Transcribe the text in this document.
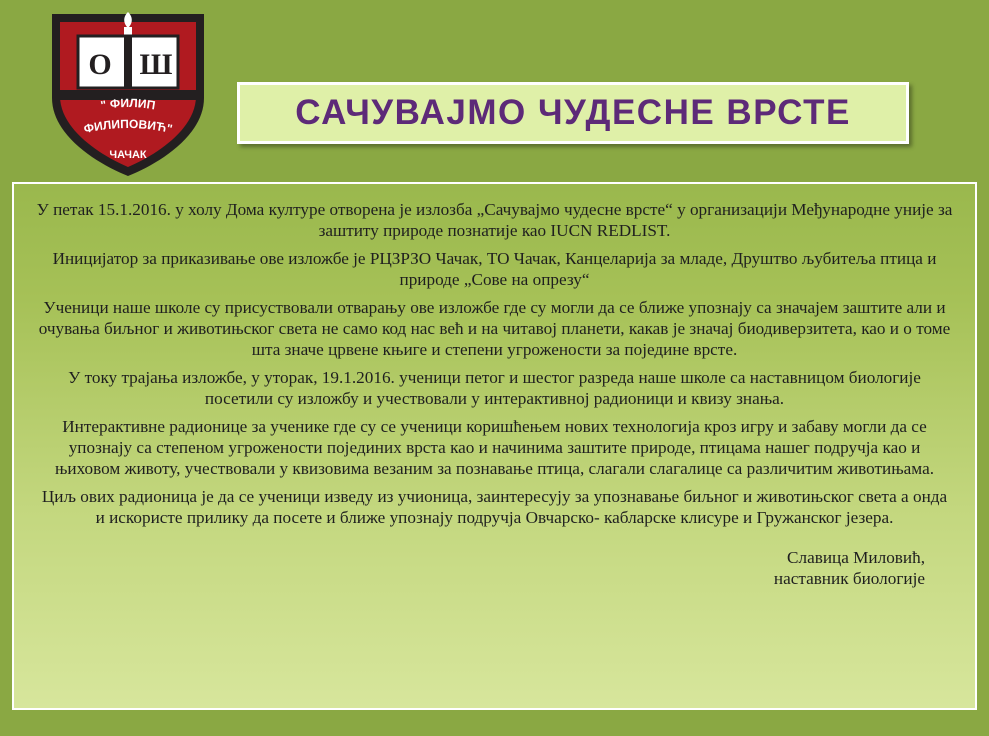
О Ш
" ФИЛИП
ФИЛИПОВИЋ"
ЧАЧАК
САЧУВАЈМО ЧУДЕСНЕ ВРСТЕ

У петак 15.1.2016. у холу Дома културе отворена је излозба „Сачувајмо чудесне врсте“ у организацији Међународне уније за заштиту природе познатије као IUCN REDLIST.

Иницијатор за приказивање ове изложбе је РЦЗРЗО Чачак, ТО Чачак, Канцеларија за младе, Друштво љубитеља птица и природе „Сове на опрезу“

Ученици наше школе су присуствовали отварању ове изложбе где су могли да се ближе упознају са значајем заштите али и очувања биљног и животињског света не само код нас већ и на читавој планети, какав је значај биодиверзитета, као и о томе шта значе црвене књиге и степени угрожености за поједине врсте.

У току трајања изложбе, у уторак, 19.1.2016. ученици петог и шестог разреда наше школе са наставницом биологије посетили су изложбу и учествовали у интерактивној радионици и квизу знања.

Интерактивне радионице за ученике где су се ученици коришћењем нових технологија кроз игру и забаву могли да се упознају са степеном угрожености појединих врста као и начинима заштите природе, птицама нашег подручја као и њиховом животу, учествовали у квизовима везаним за познавање птица, слагали слагалице са различитим животињама.

Циљ ових радионица је да се ученици изведу из учионица, заинтересују за упознавање биљног и животињског света а онда и искористе прилику да посете и ближе упознају подручја Овчарско- кабларске клисуре и Гружанског језера.

Славица Миловић,
наставник биологије
